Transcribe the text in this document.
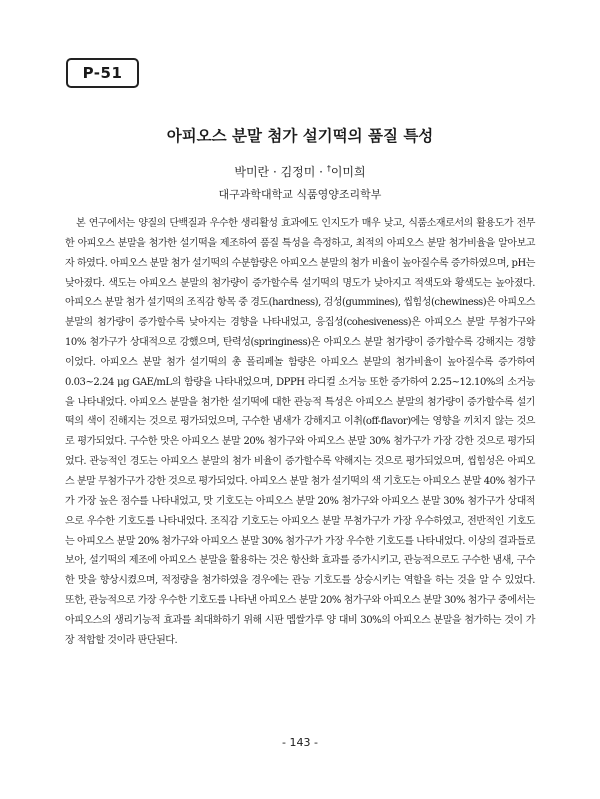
P-51
아피오스 분말 첨가 설기떡의 품질 특성
박미란 · 김정미 · †이미희
대구과학대학교 식품영양조리학부

본 연구에서는 양질의 단백질과 우수한 생리활성 효과에도 인지도가 매우 낮고, 식품소재로서의 활용도가 전무한 아피오스 분말을 첨가한 설기떡을 제조하여 품질 특성을 측정하고, 최적의 아피오스 분말 첨가비율을 알아보고자 하였다. 아피오스 분말 첨가 설기떡의 수분함량은 아피오스 분말의 첨가 비율이 높아질수록 증가하였으며, pH는 낮아졌다. 색도는 아피오스 분말의 첨가량이 증가할수록 설기떡의 명도가 낮아지고 적색도와 황색도는 높아졌다. 아피오스 분말 첨가 설기떡의 조직감 항목 중 경도(hardness), 검성(gummines), 씹힘성(chewiness)은 아피오스 분말의 첨가량이 증가할수록 낮아지는 경향을 나타내었고, 응집성(cohesiveness)은 아피오스 분말 무첨가구와 10% 첨가구가 상대적으로 강했으며, 탄력성(springiness)은 아피오스 분말 첨가량이 증가할수록 강해지는 경향이었다. 아피오스 분말 첨가 설기떡의 총 폴리페놀 함량은 아피오스 분말의 첨가비율이 높아질수록 증가하여 0.03~2.24 μg GAE/mL의 함량을 나타내었으며, DPPH 라디컬 소거능 또한 증가하여 2.25~12.10%의 소거능을 나타내었다. 아피오스 분말을 첨가한 설기떡에 대한 관능적 특성은 아피오스 분말의 첨가량이 증가할수록 설기떡의 색이 진해지는 것으로 평가되었으며, 구수한 냄새가 강해지고 이취(off-flavor)에는 영향을 끼치지 않는 것으로 평가되었다. 구수한 맛은 아피오스 분말 20% 첨가구와 아피오스 분말 30% 첨가구가 가장 강한 것으로 평가되었다. 관능적인 경도는 아피오스 분말의 첨가 비율이 증가할수록 약해지는 것으로 평가되었으며, 씹힘성은 아피오스 분말 무첨가구가 강한 것으로 평가되었다. 아피오스 분말 첨가 설기떡의 색 기호도는 아피오스 분말 40% 첨가구가 가장 높은 점수를 나타내었고, 맛 기호도는 아피오스 분말 20% 첨가구와 아피오스 분말 30% 첨가구가 상대적으로 우수한 기호도를 나타내었다. 조직감 기호도는 아피오스 분말 무첨가구가 가장 우수하였고, 전반적인 기호도는 아피오스 분말 20% 첨가구와 아피오스 분말 30% 첨가구가 가장 우수한 기호도를 나타내었다. 이상의 결과들로 보아, 설기떡의 제조에 아피오스 분말을 활용하는 것은 항산화 효과를 증가시키고, 관능적으로도 구수한 냄새, 구수한 맛을 향상시켰으며, 적정량을 첨가하였을 경우에는 관능 기호도를 상승시키는 역할을 하는 것을 알 수 있었다. 또한, 관능적으로 가장 우수한 기호도를 나타낸 아피오스 분말 20% 첨가구와 아피오스 분말 30% 첨가구 중에서는 아피오스의 생리기능적 효과를 최대화하기 위해 시판 멥쌀가루 양 대비 30%의 아피오스 분말을 첨가하는 것이 가장 적합할 것이라 판단된다.

- 143 -
